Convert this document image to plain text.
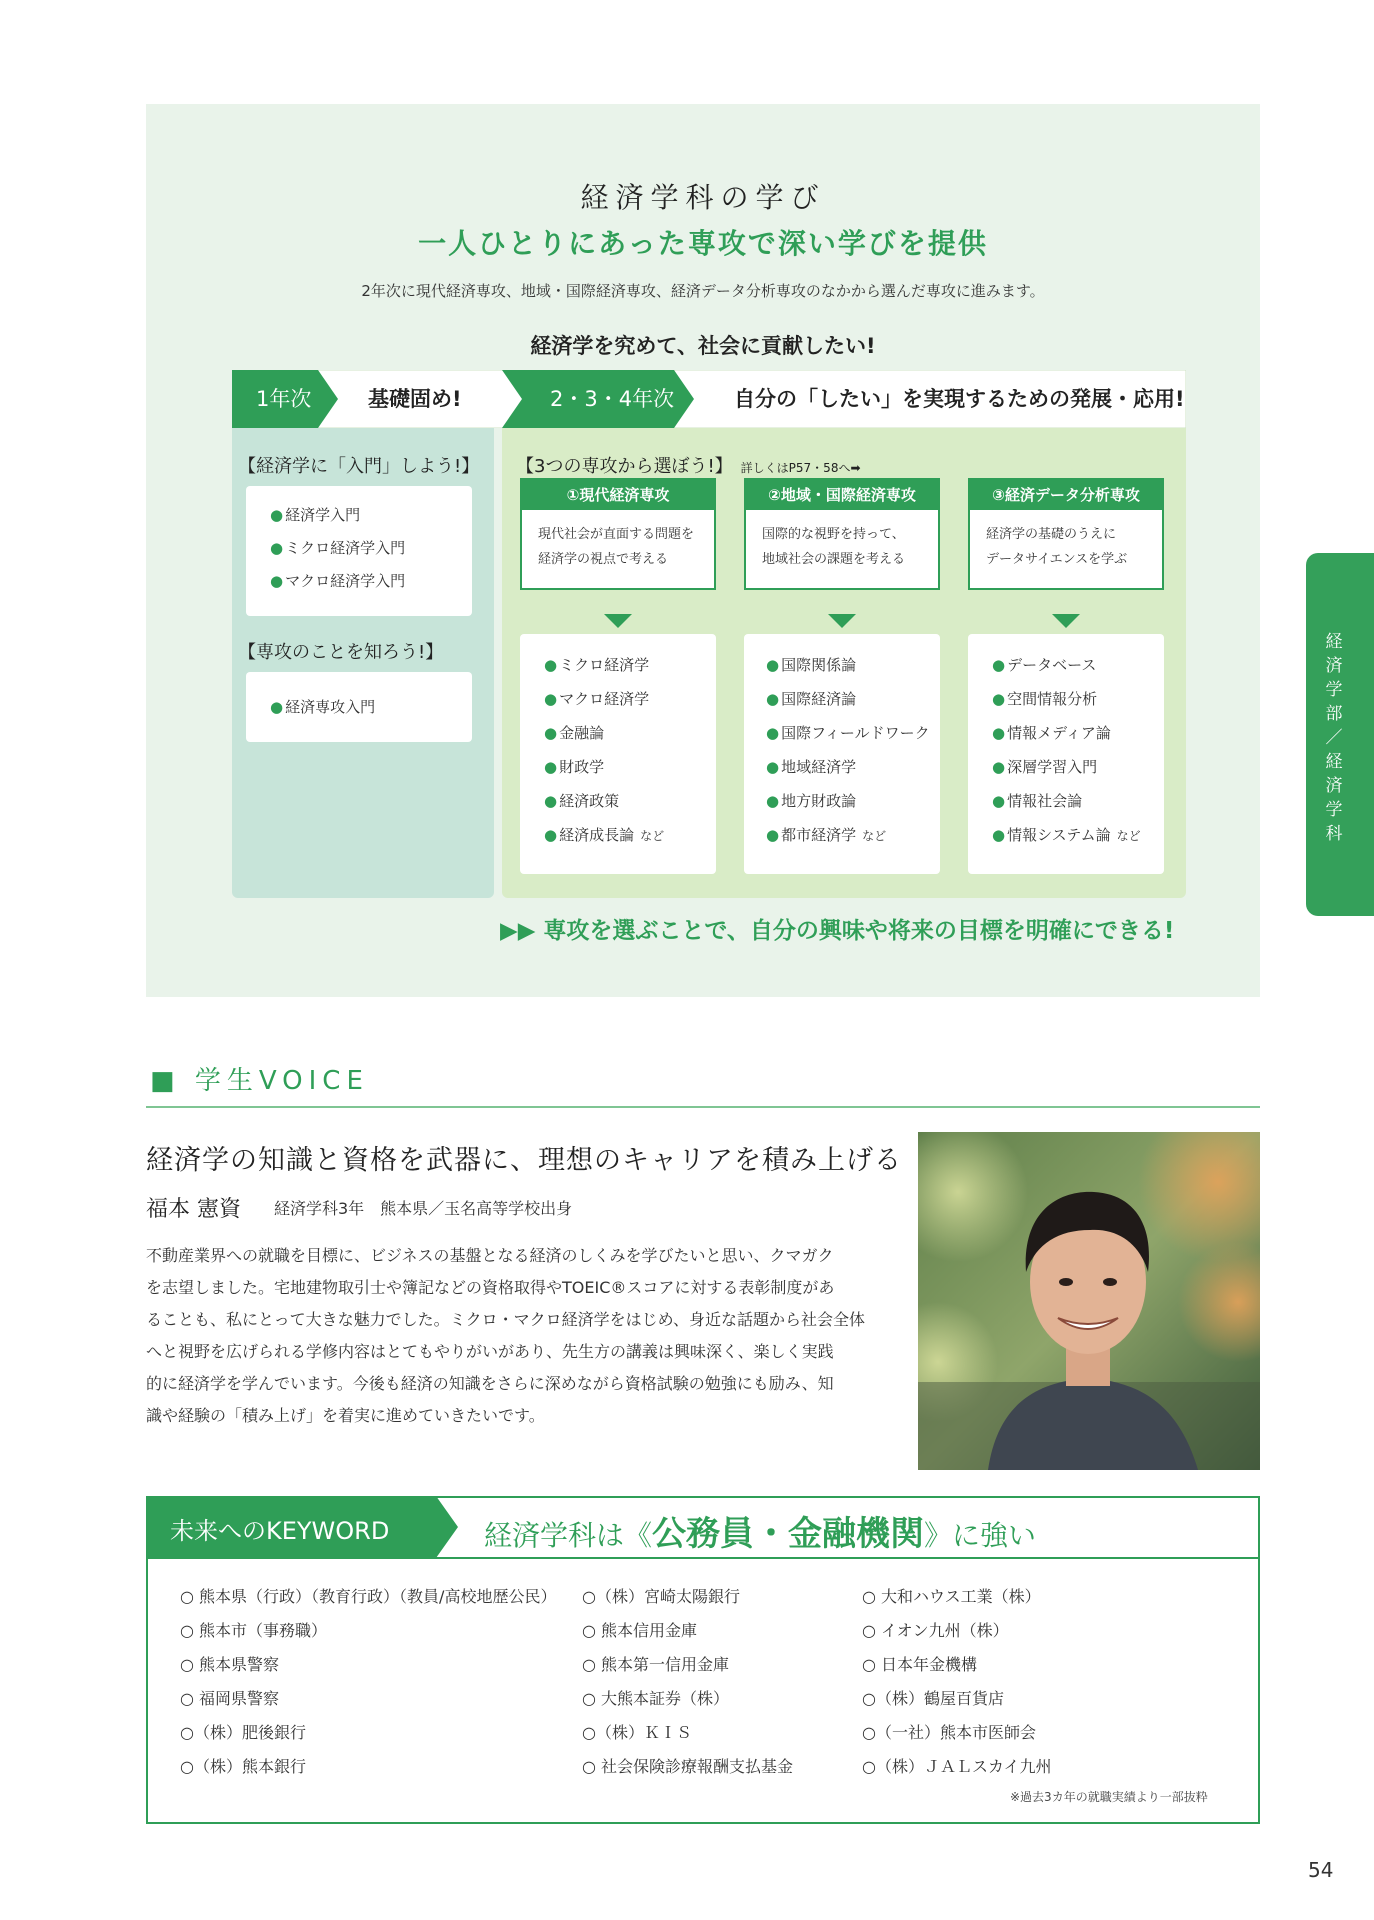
経済学科の学び
一人ひとりにあった専攻で深い学びを提供
2年次に現代経済専攻、地域・国際経済専攻、経済データ分析専攻のなかから選んだ専攻に進みます。
経済学を究めて、社会に貢献したい!
1年次	基礎固め!	2・3・4年次	自分の「したい」を実現するための発展・応用!
【経済学に「入門」しよう!】
● 経済学入門
● ミクロ経済学入門
● マクロ経済学入門
【専攻のことを知ろう!】
● 経済専攻入門
【3つの専攻から選ぼう!】 詳しくはP57・58へ➡
①現代経済専攻
現代社会が直面する問題を
経済学の視点で考える
● ミクロ経済学
● マクロ経済学
● 金融論
● 財政学
● 経済政策
● 経済成長論 など
②地域・国際経済専攻
国際的な視野を持って、
地域社会の課題を考える
● 国際関係論
● 国際経済論
● 国際フィールドワーク
● 地域経済学
● 地方財政論
● 都市経済学 など
③経済データ分析専攻
経済学の基礎のうえに
データサイエンスを学ぶ
● データベース
● 空間情報分析
● 情報メディア論
● 深層学習入門
● 情報社会論
● 情報システム論 など
▶▶ 専攻を選ぶことで、自分の興味や将来の目標を明確にできる!
経
済
学
部
／
経
済
学
科
■ 学生VOICE
経済学の知識と資格を武器に、理想のキャリアを積み上げる
福本 憲資 経済学科3年　熊本県／玉名高等学校出身

不動産業界への就職を目標に、ビジネスの基盤となる経済のしくみを学びたいと思い、クマガク

を志望しました。宅地建物取引士や簿記などの資格取得やTOEIC®スコアに対する表彰制度があ

ることも、私にとって大きな魅力でした。ミクロ・マクロ経済学をはじめ、身近な話題から社会全体

へと視野を広げられる学修内容はとてもやりがいがあり、先生方の講義は興味深く、楽しく実践

的に経済学を学んでいます。今後も経済の知識をさらに深めながら資格試験の勉強にも励み、知

識や経験の「積み上げ」を着実に進めていきたいです。

未来へのKEYWORD	経済学科は《公務員・金融機関》に強い
○ 熊本県（行政）（教育行政）（教員/高校地歴公民）
○ 熊本市（事務職）
○ 熊本県警察
○ 福岡県警察
○（株）肥後銀行
○（株）熊本銀行
○（株）宮崎太陽銀行
○ 熊本信用金庫
○ 熊本第一信用金庫
○ 大熊本証券（株）
○（株）ＫＩＳ
○ 社会保険診療報酬支払基金
○ 大和ハウス工業（株）
○ イオン九州（株）
○ 日本年金機構
○（株）鶴屋百貨店
○（一社）熊本市医師会
○（株）ＪＡＬスカイ九州
※過去3カ年の就職実績より一部抜粋
54
